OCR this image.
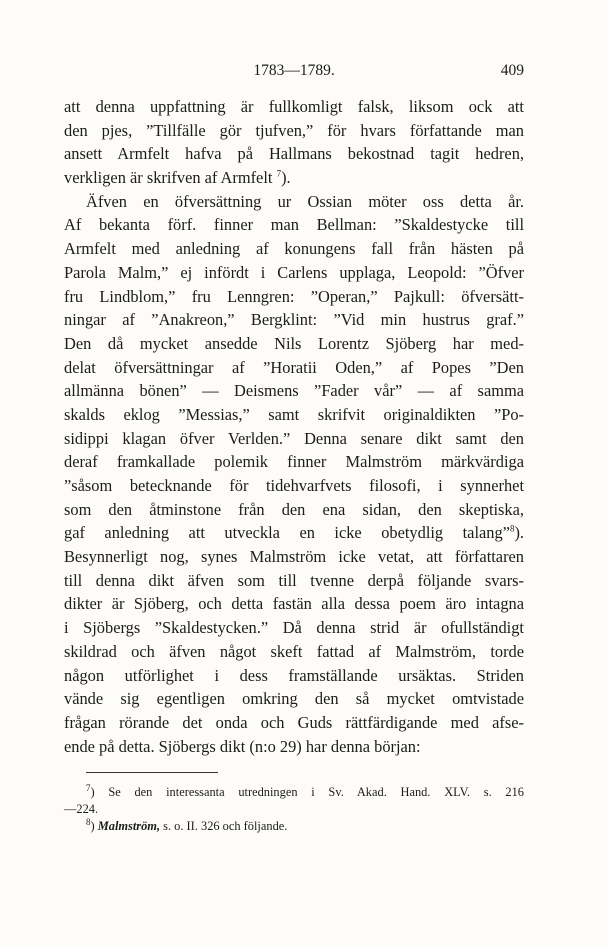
1783—1789.	409
att denna uppfattning är fullkomligt falsk, liksom ock att
den pjes, ”Tillfälle gör tjufven,” för hvars författande man
ansett Armfelt hafva på Hallmans bekostnad tagit hedren,
verkligen är skrifven af Armfelt $^7$).
Äfven en öfversättning ur Ossian möter oss detta år.
Af bekanta förf. finner man Bellman: ”Skaldestycke till
Armfelt med anledning af konungens fall från hästen på
Parola Malm,” ej infördt i Carlens upplaga, Leopold: ”Öfver
fru Lindblom,” fru Lenngren: ”Operan,” Pajkull: öfversätt-
ningar af ”Anakreon,” Bergklint: ”Vid min hustrus graf.”
Den då mycket ansedde Nils Lorentz Sjöberg har med-
delat öfversättningar af ”Horatii Oden,” af Popes ”Den
allmänna bönen” — Deismens ”Fader vår” — af samma
skalds eklog ”Messias,” samt skrifvit originaldikten ”Po-
sidippi klagan öfver Verlden.” Denna senare dikt samt den
deraf framkallade polemik finner Malmström märkvärdiga
”såsom betecknande för tidehvarfvets filosofi, i synnerhet
som den åtminstone från den ena sidan, den skeptiska,
gaf anledning att utveckla en icke obetydlig talang”$^8$).
Besynnerligt nog, synes Malmström icke vetat, att författaren
till denna dikt äfven som till tvenne derpå följande svars-
dikter är Sjöberg, och detta fastän alla dessa poem äro intagna
i Sjöbergs ”Skaldestycken.” Då denna strid är ofullständigt
skildrad och äfven något skeft fattad af Malmström, torde
någon utförlighet i dess framställande ursäktas. Striden
vände sig egentligen omkring den så mycket omtvistade
frågan rörande det onda och Guds rättfärdigande med afse-
ende på detta. Sjöbergs dikt (n:o 29) har denna början:
$^7$) Se den interessanta utredningen i Sv. Akad. Hand. XLV. s. 216
—224.
$^8$) Malmström, s. o. II. 326 och följande.
